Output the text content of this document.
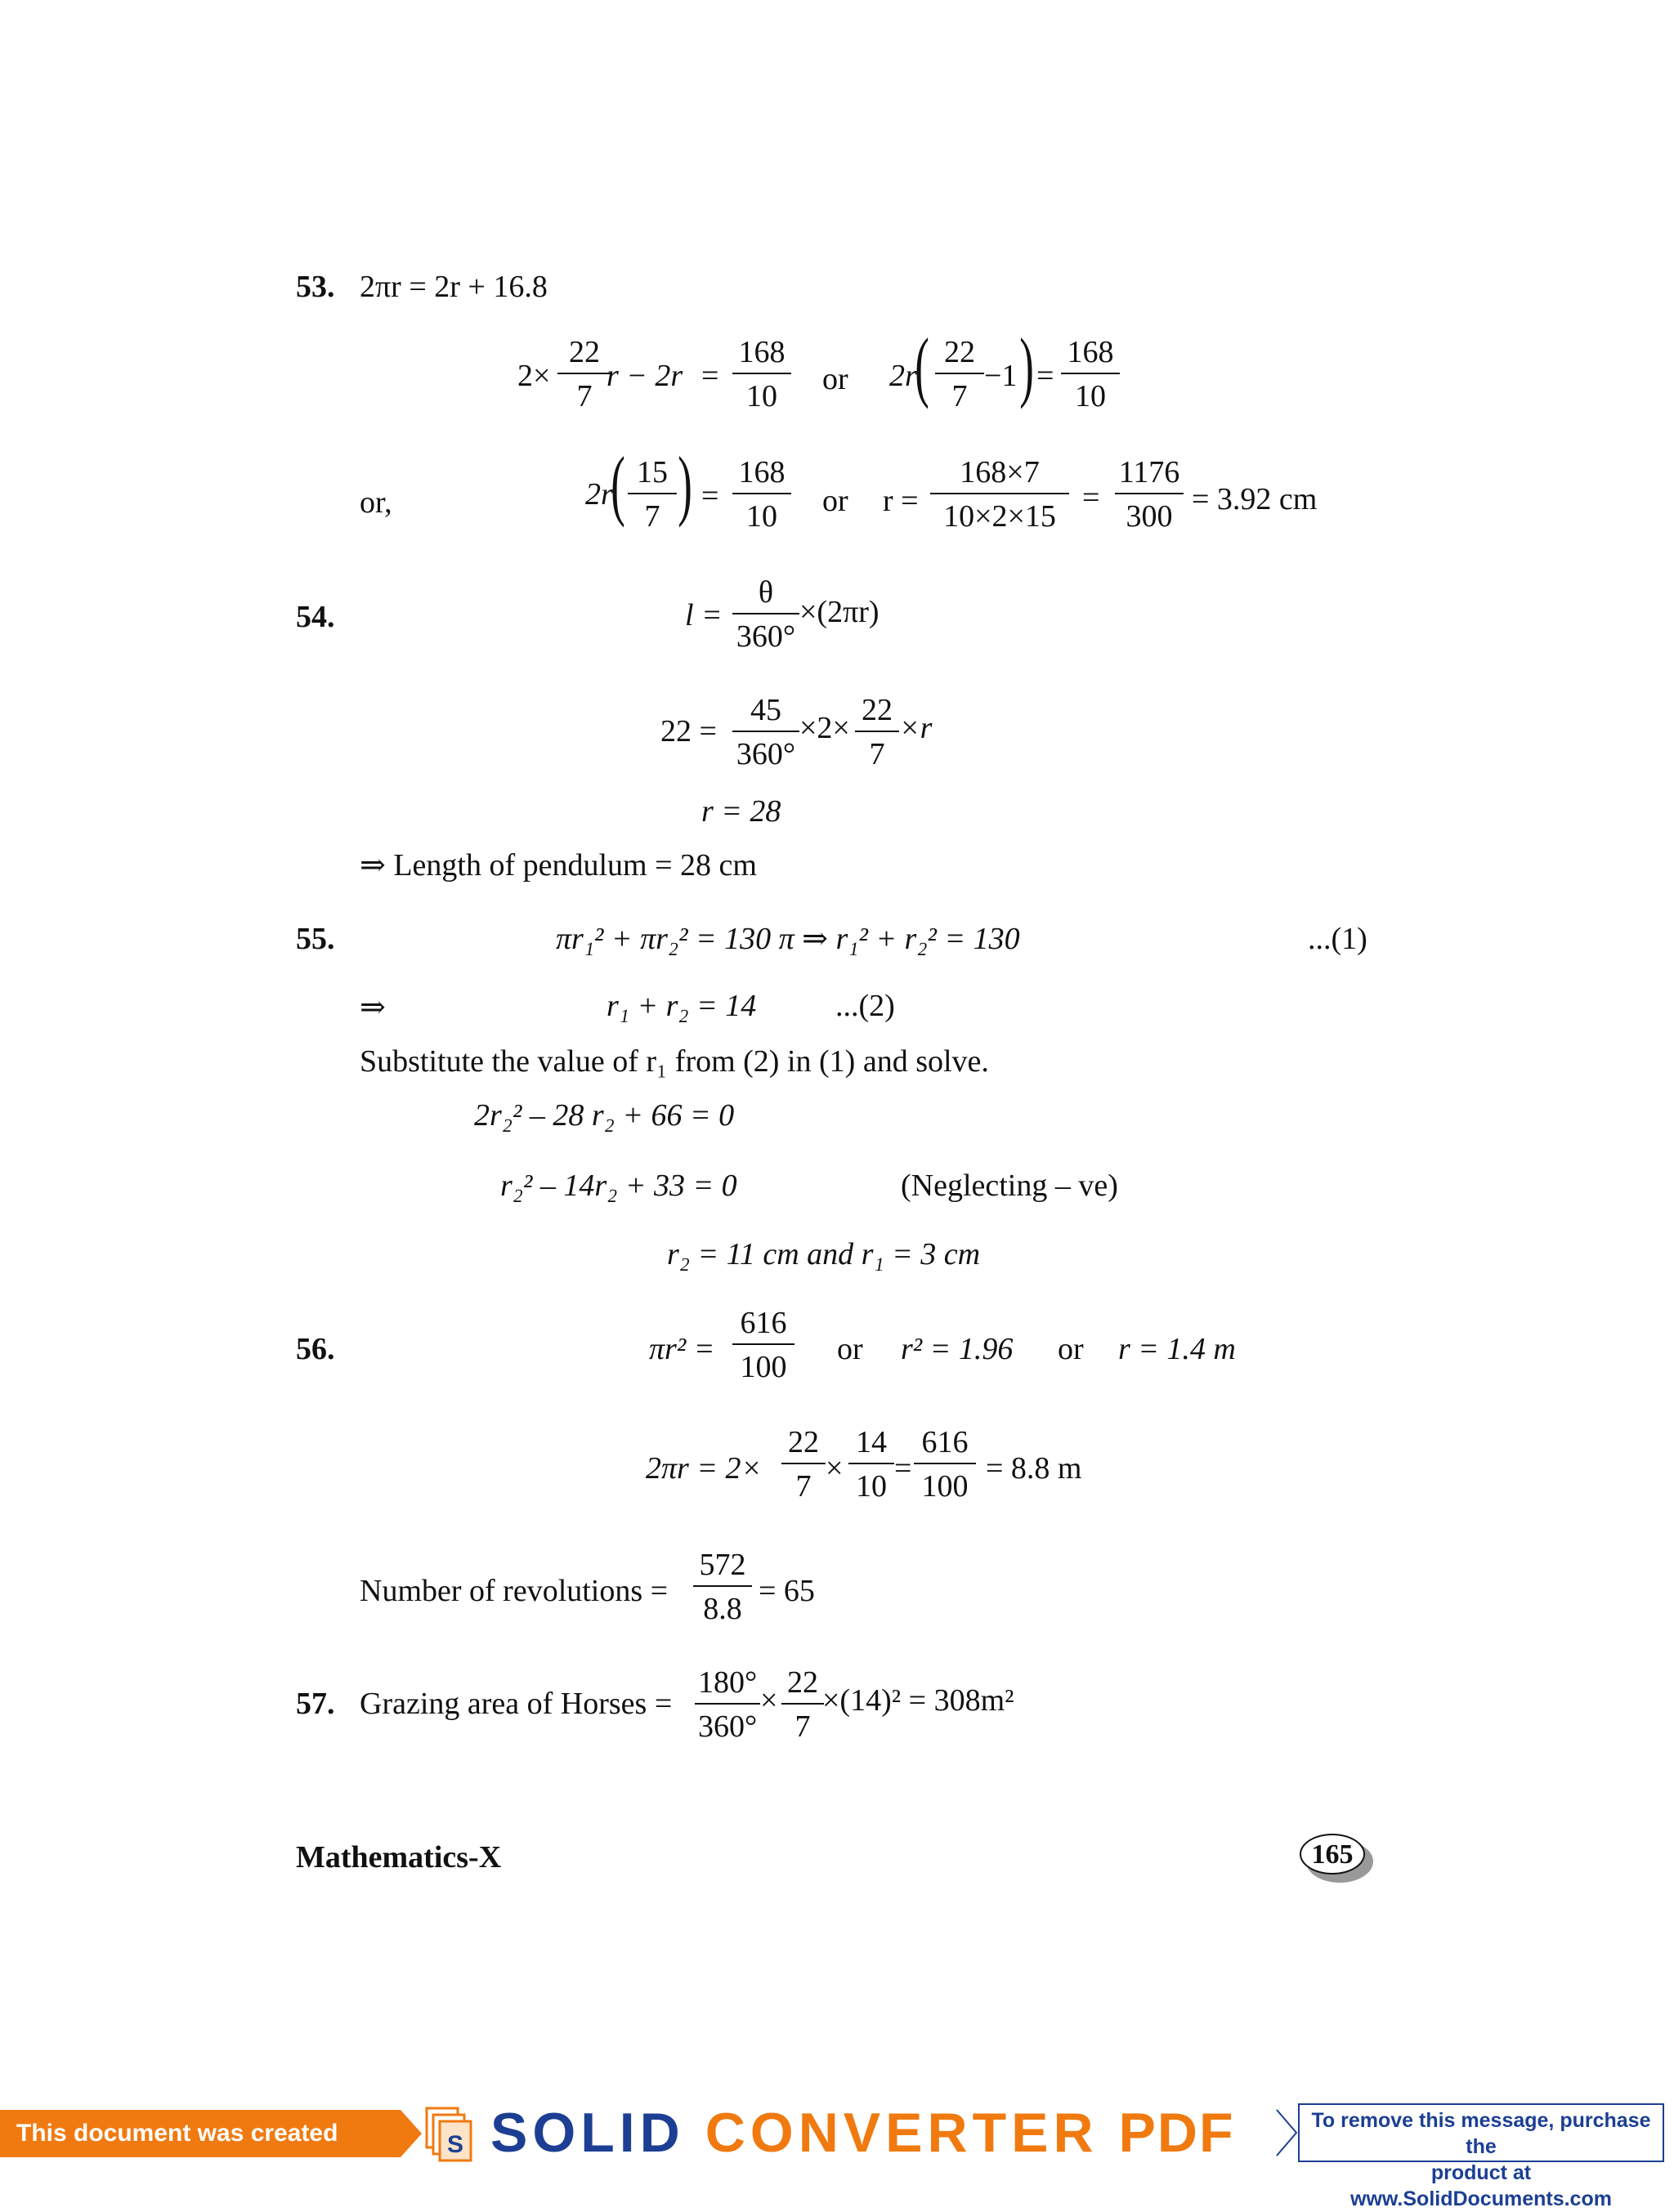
53. 2πr = 2r + 16.8
$2\times \frac{22}{7}$
$r - 2r = \frac{168}{10}$ or 2r
( $\frac{22}{7} -1$ ) = $\frac{168}{10}$
or,	2r
( $\frac{15}{7}$ ) = $\frac{168}{10}$ or $r = \frac{168\times 7}{10\times 2\times 15} = \frac{1176}{300} = 3.92$ cm
54.	$l = \frac{\theta}{360^\circ} \times(2\pi r)$
$22 = \frac{45}{360^\circ} \times 2\times \frac{22}{7} \times r$
r = 28
⇒ Length of pendulum = 28 cm
55.	πr₁² + πr₂² = 130 π ⇒ r₁² + r₂² = 130	...(1)
⇒	r₁ + r₂ = 14	...(2)
Substitute the value of r₁ from (2) in (1) and solve.
2r₂² – 28 r₂ + 66 = 0
r₂² – 14r₂ + 33 = 0	(Neglecting – ve)
r₂ = 11 cm and r₁ = 3 cm
56.	$\pi r^2 = \frac{616}{100}$ or r² = 1.96 or r = 1.4 m
$2\pi r = 2\times \frac{22}{7} \times \frac{14}{10} = \frac{616}{100} = 8.8$ m
Number of revolutions = $\frac{572}{8.8} = 65$
57. Grazing area of Horses = $\frac{180^\circ}{360^\circ} \times \frac{22}{7}$
×(14)² = 308m²
Mathematics-X	165
This document was created using
S SOLID CONVERTER PDF	To remove this message, purchase the
product at www.SolidDocuments.com
